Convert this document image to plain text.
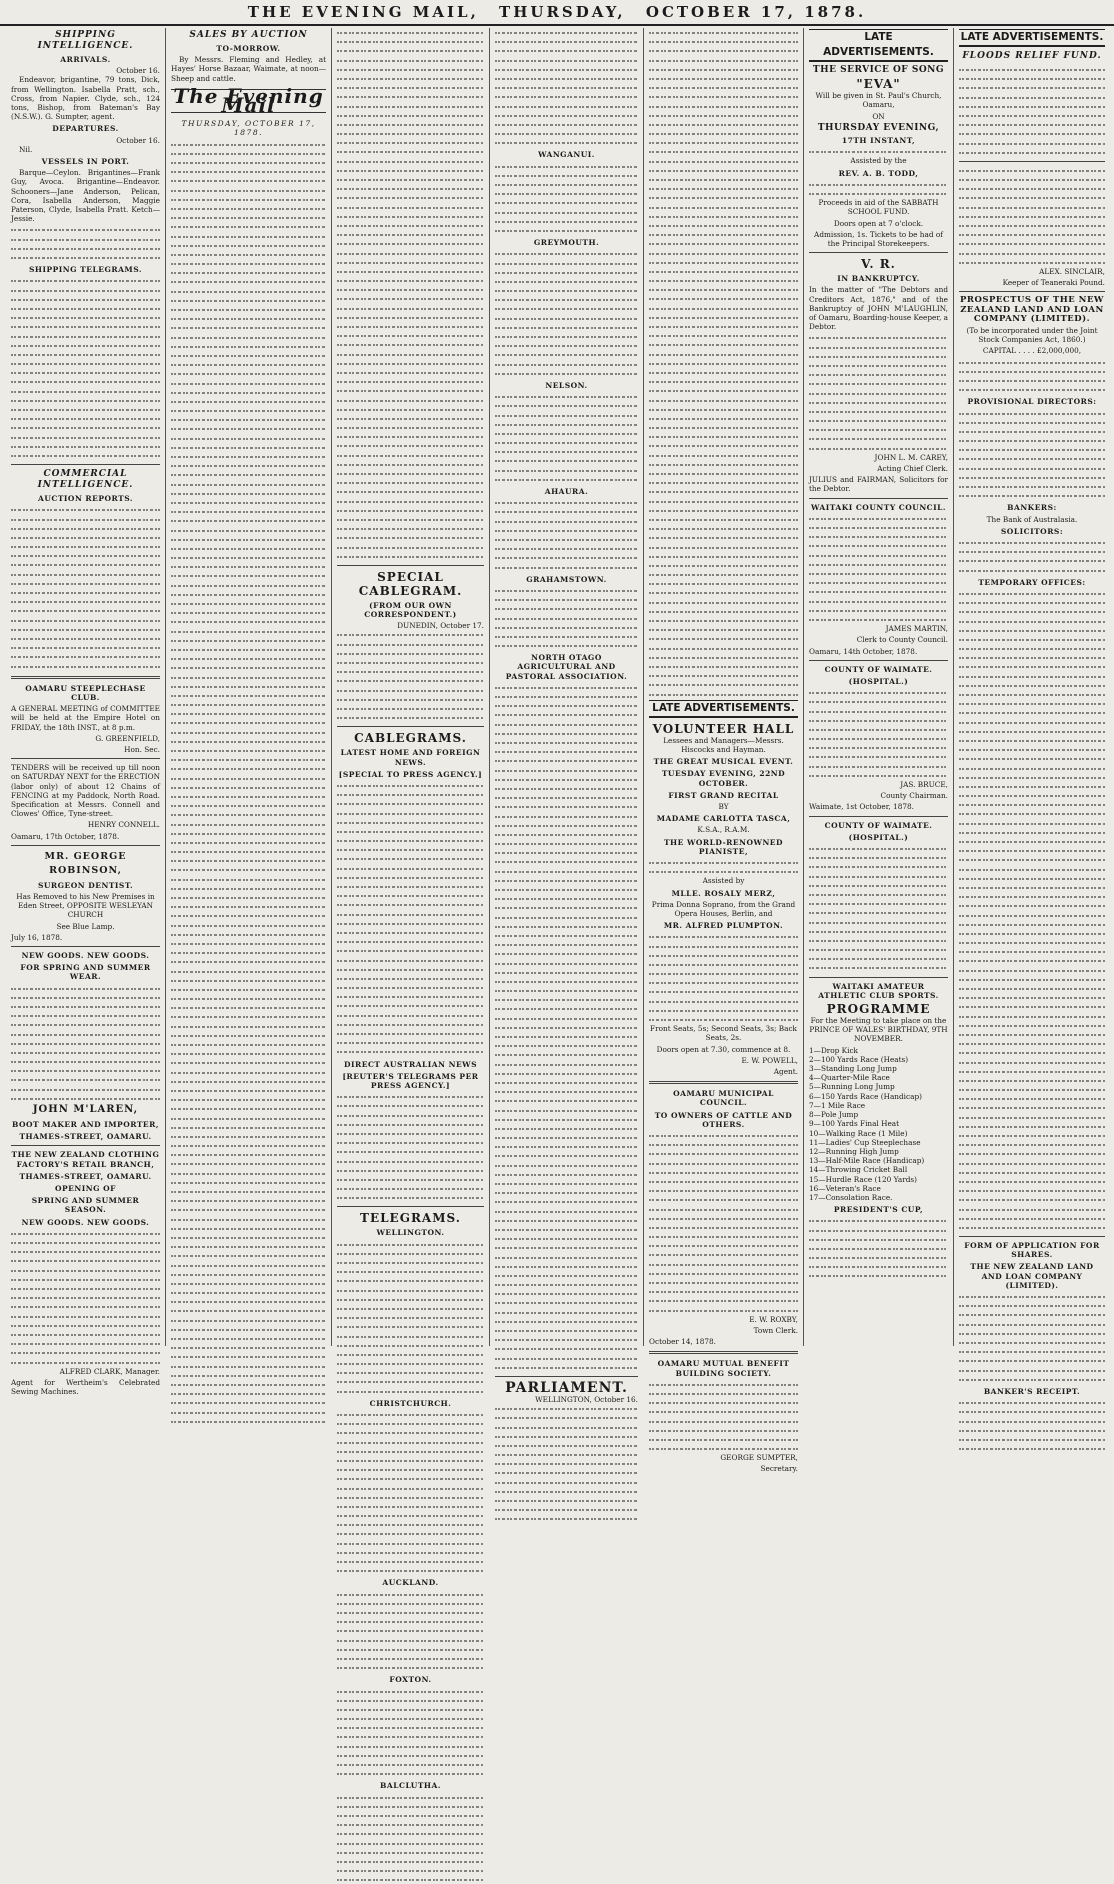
THE EVENING MAIL, THURSDAY, OCTOBER 17, 1878.
SHIPPING INTELLIGENCE.
ARRIVALS.
October 16.

Endeavor, brigantine, 79 tons, Dick, from Wellington. Isabella Pratt, sch., Cross, from Napier. Clyde, sch., 124 tons, Bishop, from Bateman's Bay (N.S.W.). G. Sumpter, agent.

DEPARTURES.
October 16.

Nil.

VESSELS IN PORT.

Barque—Ceylon. Brigantines—Frank Guy, Avoca. Brigantine—Endeavor. Schooners—Jane Anderson, Pelican, Cora, Isabella Anderson, Maggie Paterson, Clyde, Isabella Pratt. Ketch—Jessie.

SHIPPING TELEGRAMS.
COMMERCIAL INTELLIGENCE.
AUCTION REPORTS.
OAMARU STEEPLECHASE CLUB.

A GENERAL MEETING of COMMITTEE will be held at the Empire Hotel on FRIDAY, the 18th INST., at 8 p.m.

G. GREENFIELD,

Hon. Sec.

TENDERS will be received up till noon on SATURDAY NEXT for the ERECTION (labor only) of about 12 Chains of FENCING at my Paddock, North Road. Specification at Messrs. Connell and Clowes' Office, Tyne-street.

HENRY CONNELL.

Oamaru, 17th October, 1878.

MR. GEORGE ROBINSON,
SURGEON DENTIST.

Has Removed to his New Premises in Eden Street, OPPOSITE WESLEYAN CHURCH

See Blue Lamp.

July 16, 1878.

NEW GOODS. NEW GOODS.
FOR SPRING AND SUMMER WEAR.
JOHN M'LAREN,
BOOT MAKER AND IMPORTER,
THAMES-STREET, OAMARU.
THE NEW ZEALAND CLOTHING FACTORY'S RETAIL BRANCH,
THAMES-STREET, OAMARU.
OPENING OF
SPRING AND SUMMER SEASON.
NEW GOODS. NEW GOODS.

ALFRED CLARK, Manager.

Agent for Wertheim's Celebrated Sewing Machines.

SALES BY AUCTION
TO-MORROW.

By Messrs. Fleming and Hedley, at Hayes' Horse Bazaar, Waimate, at noon—Sheep and cattle.

The Evening Mail
THURSDAY, OCTOBER 17, 1878.
SPECIAL CABLEGRAM.
(FROM OUR OWN CORRESPONDENT.)
DUNEDIN, October 17.
CABLEGRAMS.
LATEST HOME AND FOREIGN NEWS.
[SPECIAL TO PRESS AGENCY.]
DIRECT AUSTRALIAN NEWS
[REUTER'S TELEGRAMS PER PRESS AGENCY.]
TELEGRAMS.
WELLINGTON.
CHRISTCHURCH.
AUCKLAND.
FOXTON.
BALCLUTHA.
WANGANUI.
GREYMOUTH.
NELSON.
AHAURA.
GRAHAMSTOWN.
NORTH OTAGO AGRICULTURAL AND PASTORAL ASSOCIATION.
PARLIAMENT.
WELLINGTON, October 16.
LATE ADVERTISEMENTS.
VOLUNTEER HALL

Lessees and Managers—Messrs. Hiscocks and Hayman.

THE GREAT MUSICAL EVENT.
TUESDAY EVENING, 22ND OCTOBER.
FIRST GRAND RECITAL

BY

MADAME CARLOTTA TASCA,

K.S.A., R.A.M.

THE WORLD-RENOWNED PIANISTE,

Assisted by

MLLE. ROSALY MERZ,

Prima Donna Soprano, from the Grand Opera Houses, Berlin, and

MR. ALFRED PLUMPTON.

Front Seats, 5s; Second Seats, 3s; Back Seats, 2s.

Doors open at 7.30, commence at 8.

E. W. POWELL,

Agent.

OAMARU MUNICIPAL COUNCIL.
TO OWNERS OF CATTLE AND OTHERS.

E. W. ROXBY,

Town Clerk.

October 14, 1878.

OAMARU MUTUAL BENEFIT BUILDING SOCIETY.

GEORGE SUMPTER,

Secretary.

LATE ADVERTISEMENTS.
THE SERVICE OF SONG
"EVA"

Will be given in St. Paul's Church, Oamaru,

ON

THURSDAY EVENING,
17TH INSTANT,

Assisted by the

REV. A. B. TODD,

Proceeds in aid of the SABBATH SCHOOL FUND.

Doors open at 7 o'clock.

Admission, 1s. Tickets to be had of the Principal Storekeepers.

V. R.
IN BANKRUPTCY.

In the matter of "The Debtors and Creditors Act, 1876," and of the Bankruptcy of JOHN M'LAUGHLIN, of Oamaru, Boarding-house Keeper, a Debtor.

JOHN L. M. CAREY,

Acting Chief Clerk.

JULIUS and FAIRMAN, Solicitors for the Debtor.

WAITAKI COUNTY COUNCIL.

JAMES MARTIN,

Clerk to County Council.

Oamaru, 14th October, 1878.

COUNTY OF WAIMATE.
(HOSPITAL.)

JAS. BRUCE,

County Chairman.

Waimate, 1st October, 1878.

COUNTY OF WAIMATE.
(HOSPITAL.)
WAITAKI AMATEUR ATHLETIC CLUB SPORTS.
PROGRAMME

For the Meeting to take place on the PRINCE OF WALES' BIRTHDAY, 9TH NOVEMBER.

1—Drop Kick
2—100 Yards Race (Heats)
3—Standing Long Jump
4—Quarter-Mile Race
5—Running Long Jump
6—150 Yards Race (Handicap)
7—1 Mile Race
8—Pole Jump
9—100 Yards Final Heat
10—Walking Race (1 Mile)
11—Ladies' Cup Steeplechase
12—Running High Jump
13—Half-Mile Race (Handicap)
14—Throwing Cricket Ball
15—Hurdle Race (120 Yards)
16—Veteran's Race
17—Consolation Race.
PRESIDENT'S CUP,
LATE ADVERTISEMENTS.
FLOODS RELIEF FUND.

ALEX. SINCLAIR,

Keeper of Teaneraki Pound.

PROSPECTUS OF THE NEW ZEALAND LAND AND LOAN COMPANY (LIMITED).

(To be incorporated under the Joint Stock Companies Act, 1860.)

CAPITAL . . . . £2,000,000,

PROVISIONAL DIRECTORS:
BANKERS:

The Bank of Australasia.

SOLICITORS:
TEMPORARY OFFICES:
FORM OF APPLICATION FOR SHARES.
THE NEW ZEALAND LAND AND LOAN COMPANY (LIMITED).
BANKER'S RECEIPT.
